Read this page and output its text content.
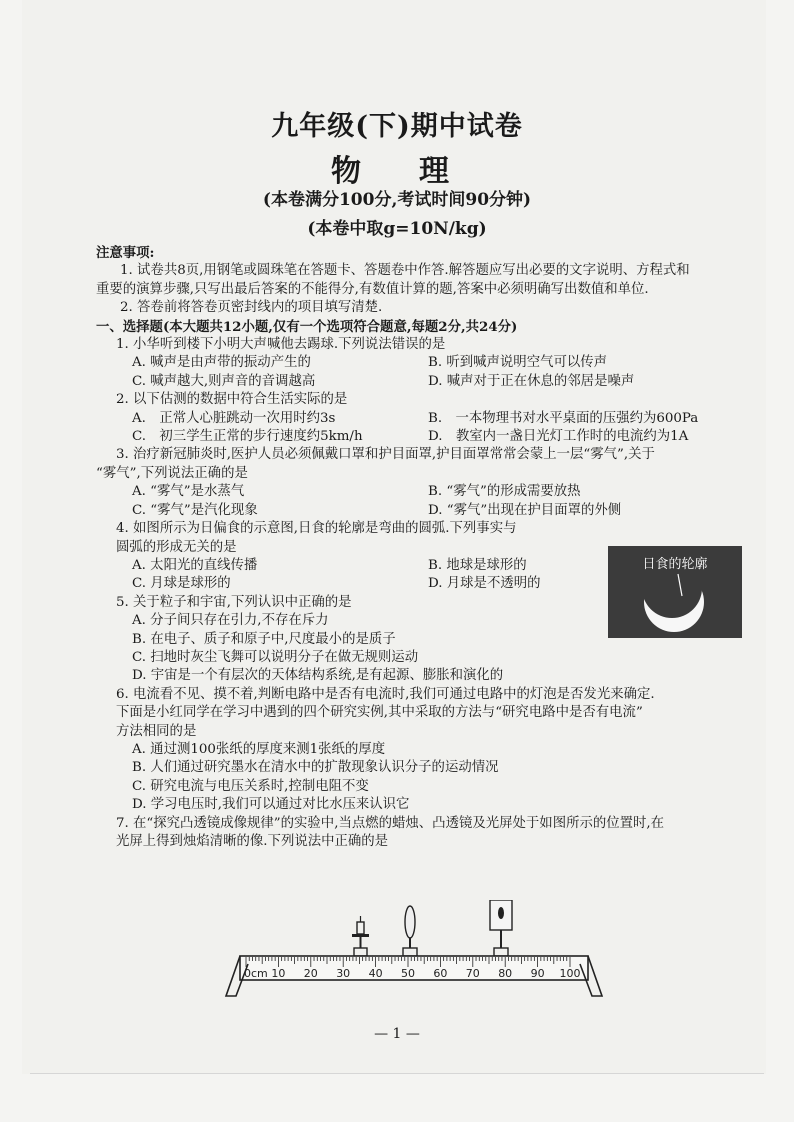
九年级(下)期中试卷
物　理
(本卷满分100分,考试时间90分钟)
(本卷中取g=10N/kg)

注意事项:

1. 试卷共8页,用钢笔或圆珠笔在答题卡、答题卷中作答.解答题应写出必要的文字说明、方程式和

重要的演算步骤,只写出最后答案的不能得分,有数值计算的题,答案中必须明确写出数值和单位.

2. 答卷前将答卷页密封线内的项目填写清楚.

一、选择题(本大题共12小题,仅有一个选项符合题意,每题2分,共24分)

1. 小华听到楼下小明大声喊他去踢球.下列说法错误的是

A. 喊声是由声带的振动产生的	B. 听到喊声说明空气可以传声
C. 喊声越大,则声音的音调越高	D. 喊声对于正在休息的邻居是噪声

2. 以下估测的数据中符合生活实际的是

A.　正常人心脏跳动一次用时约3s	B.　一本物理书对水平桌面的压强约为600Pa
C.　初三学生正常的步行速度约5km/h	D.　教室内一盏日光灯工作时的电流约为1A

3. 治疗新冠肺炎时,医护人员必须佩戴口罩和护目面罩,护目面罩常常会蒙上一层“雾气”,关于

“雾气”,下列说法正确的是

A. “雾气”是水蒸气	B. “雾气”的形成需要放热
C. “雾气”是汽化现象	D. “雾气”出现在护目面罩的外侧

4. 如图所示为日偏食的示意图,日食的轮廓是弯曲的圆弧.下列事实与

圆弧的形成无关的是

A. 太阳光的直线传播	B. 地球是球形的
C. 月球是球形的	D. 月球是不透明的

5. 关于粒子和宇宙,下列认识中正确的是

A. 分子间只存在引力,不存在斥力

B. 在电子、质子和原子中,尺度最小的是质子

C. 扫地时灰尘飞舞可以说明分子在做无规则运动

D. 宇宙是一个有层次的天体结构系统,是有起源、膨胀和演化的

6. 电流看不见、摸不着,判断电路中是否有电流时,我们可通过电路中的灯泡是否发光来确定.

下面是小红同学在学习中遇到的四个研究实例,其中采取的方法与“研究电路中是否有电流”

方法相同的是

A. 通过测100张纸的厚度来测1张纸的厚度

B. 人们通过研究墨水在清水中的扩散现象认识分子的运动情况

C. 研究电流与电压关系时,控制电阻不变

D. 学习电压时,我们可以通过对比水压来认识它

7. 在“探究凸透镜成像规律”的实验中,当点燃的蜡烛、凸透镜及光屏处于如图所示的位置时,在

光屏上得到烛焰清晰的像.下列说法中正确的是

日食的轮廓
0cm 10 20 30 40 50 60 70 80 90 100
— 1 —
